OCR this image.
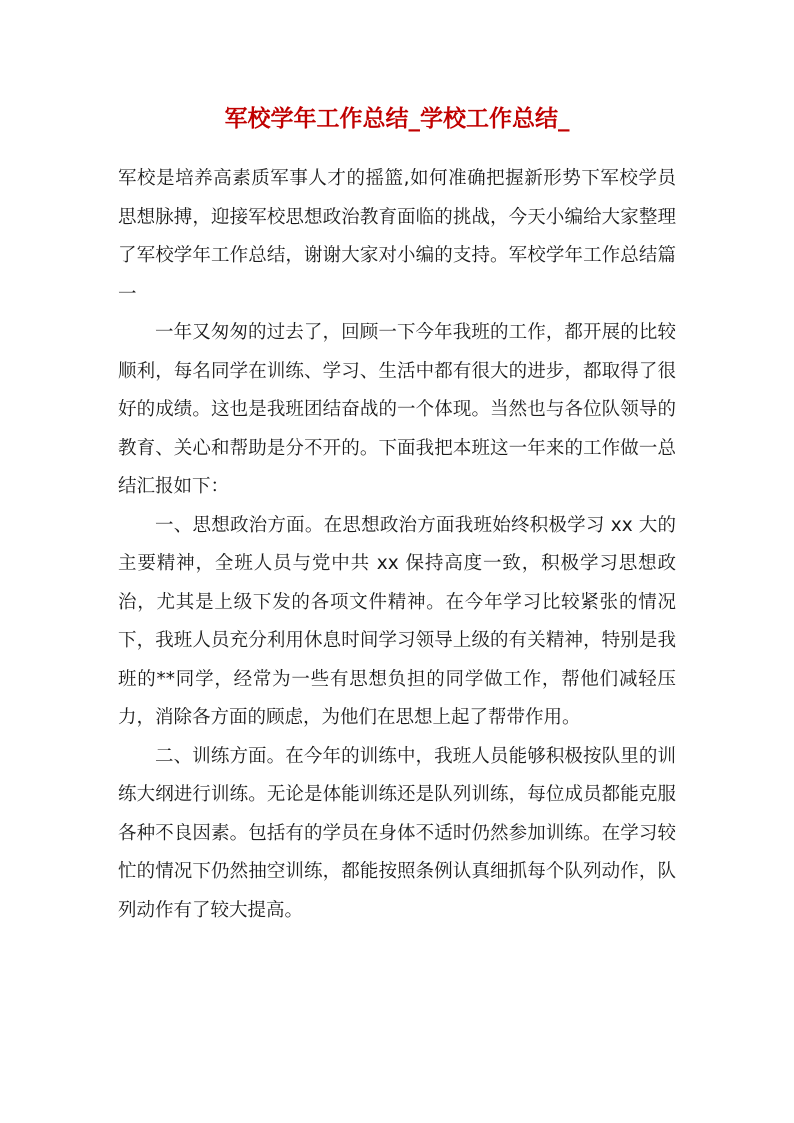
军校学年工作总结_学校工作总结_

军校是培养高素质军事人才的摇篮,如何准确把握新形势下军校学员思想脉搏，迎接军校思想政治教育面临的挑战，今天小编给大家整理了军校学年工作总结，谢谢大家对小编的支持。军校学年工作总结篇一

一年又匆匆的过去了，回顾一下今年我班的工作，都开展的比较顺利，每名同学在训练、学习、生活中都有很大的进步，都取得了很好的成绩。这也是我班团结奋战的一个体现。当然也与各位队领导的教育、关心和帮助是分不开的。下面我把本班这一年来的工作做一总结汇报如下：

一、思想政治方面。在思想政治方面我班始终积极学习 xx 大的主要精神，全班人员与党中共 xx 保持高度一致，积极学习思想政治，尤其是上级下发的各项文件精神。在今年学习比较紧张的情况下，我班人员充分利用休息时间学习领导上级的有关精神，特别是我班的**同学，经常为一些有思想负担的同学做工作，帮他们减轻压力，消除各方面的顾虑，为他们在思想上起了帮带作用。

二、训练方面。在今年的训练中，我班人员能够积极按队里的训练大纲进行训练。无论是体能训练还是队列训练，每位成员都能克服各种不良因素。包括有的学员在身体不适时仍然参加训练。在学习较忙的情况下仍然抽空训练，都能按照条例认真细抓每个队列动作，队列动作有了较大提高。
